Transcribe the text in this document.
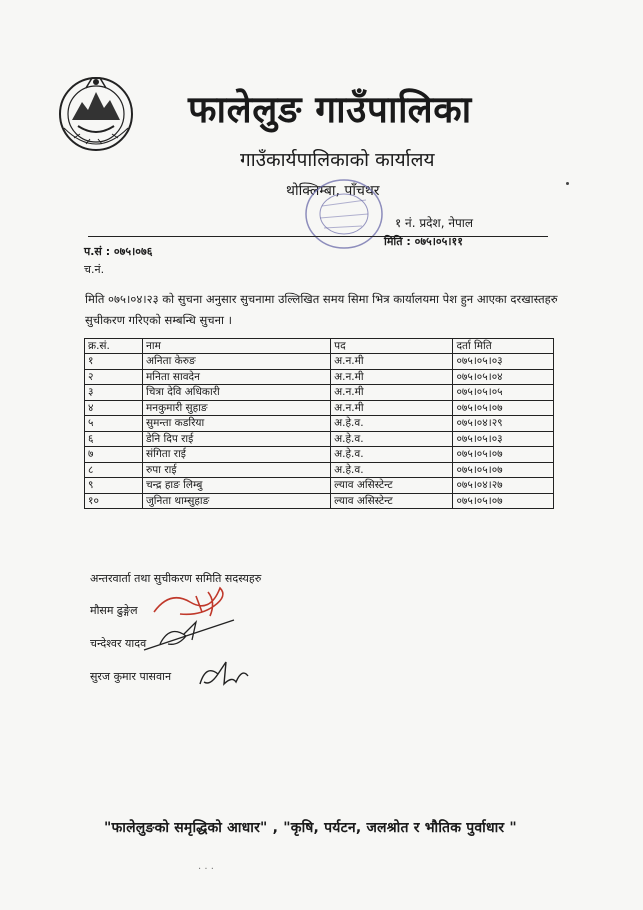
फालेलुङ गाउँपालिका
गाउँकार्यपालिकाको कार्यालय
थोक्लिम्बा, पाँचथर
१ नं. प्रदेश, नेपाल
प.सं : ०७५।०७६
मिति : ०७५।०५।११
च.नं.
मिति ०७५।०४।२३ को सुचना अनुसार सुचनामा उल्लिखित समय सिमा भित्र कार्यालयमा पेश हुन आएका दरखास्तहरु सुचीकरण गरिएको सम्बन्धि सुचना ।
क्र.सं.	नाम	पद	दर्ता मिति
१	अनिता केरुङ	अ.न.मी	०७५।०५।०३
२	मनिता सावदेन	अ.न.मी	०७५।०५।०४
३	चित्रा देवि अधिकारी	अ.न.मी	०७५।०५।०५
४	मनकुमारी सुहाङ	अ.न.मी	०७५।०५।०७
५	सुमन्ता कडरिया	अ.हे.व.	०७५।०४।२९
६	डेनि दिप राई	अ.हे.व.	०७५।०५।०३
७	संगिता राई	अ.हे.व.	०७५।०५।०७
८	रुपा राई	अ.हे.व.	०७५।०५।०७
९	चन्द्र हाङ लिम्बु	ल्याव असिस्टेन्ट	०७५।०४।२७
१०	जुनिता थाम्सुहाङ	ल्याव असिस्टेन्ट	०७५।०५।०७
अन्तरवार्ता तथा सुचीकरण समिति सदस्यहरु
मौसम ढुङ्गेल
चन्देश्वर यादव
सुरज कुमार पासवान
"फालेलुङको समृद्धिको आधार" , "कृषि, पर्यटन, जलश्रोत र भौतिक पुर्वाधार "
· · ·
